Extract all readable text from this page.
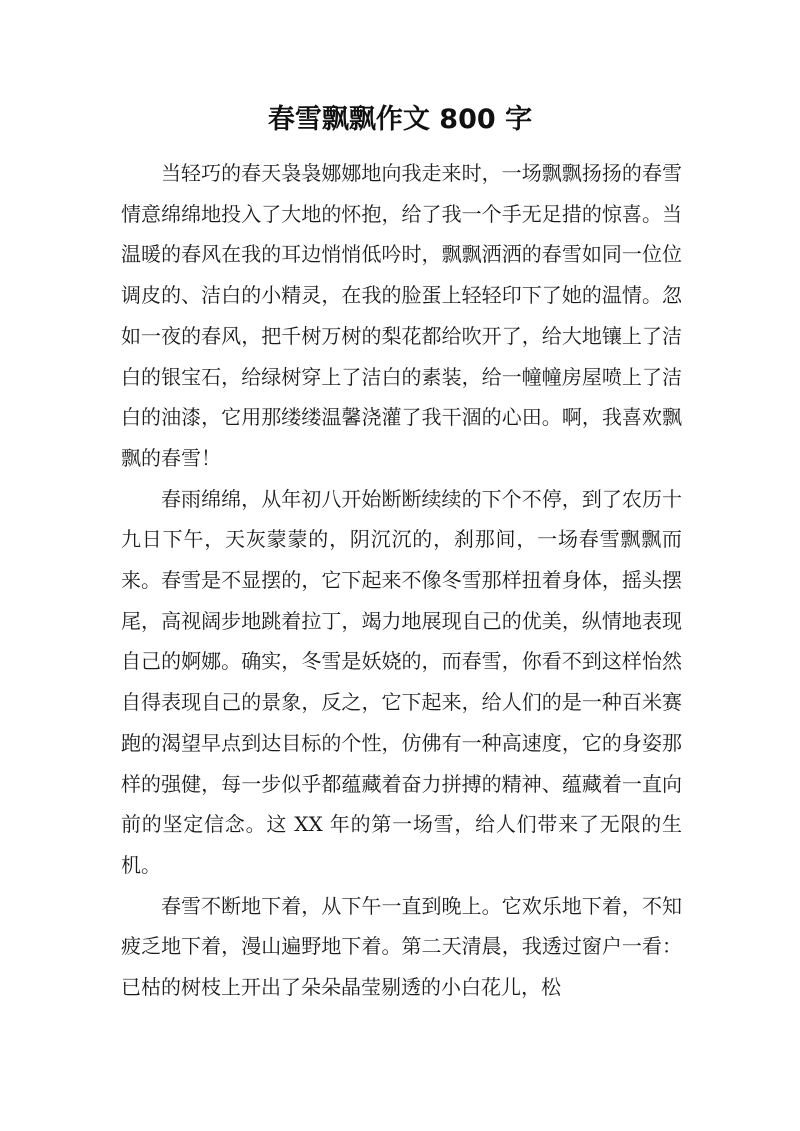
春雪飘飘作文 800 字

当轻巧的春天袅袅娜娜地向我走来时，一场飘飘扬扬的春雪情意绵绵地投入了大地的怀抱，给了我一个手无足措的惊喜。当温暖的春风在我的耳边悄悄低吟时，飘飘洒洒的春雪如同一位位调皮的、洁白的小精灵，在我的脸蛋上轻轻印下了她的温情。忽如一夜的春风，把千树万树的梨花都给吹开了，给大地镶上了洁白的银宝石，给绿树穿上了洁白的素装，给一幢幢房屋喷上了洁白的油漆，它用那缕缕温馨浇灌了我干涸的心田。啊，我喜欢飘飘的春雪！

春雨绵绵，从年初八开始断断续续的下个不停，到了农历十九日下午，天灰蒙蒙的，阴沉沉的，刹那间，一场春雪飘飘而来。春雪是不显摆的，它下起来不像冬雪那样扭着身体，摇头摆尾，高视阔步地跳着拉丁，竭力地展现自己的优美，纵情地表现自己的婀娜。确实，冬雪是妖娆的，而春雪，你看不到这样怡然自得表现自己的景象，反之，它下起来，给人们的是一种百米赛跑的渴望早点到达目标的个性，仿佛有一种高速度，它的身姿那样的强健，每一步似乎都蕴藏着奋力拼搏的精神、蕴藏着一直向前的坚定信念。这 XX 年的第一场雪，给人们带来了无限的生机。

春雪不断地下着，从下午一直到晚上。它欢乐地下着，不知疲乏地下着，漫山遍野地下着。第二天清晨，我透过窗户一看：已枯的树枝上开出了朵朵晶莹剔透的小白花儿，松
